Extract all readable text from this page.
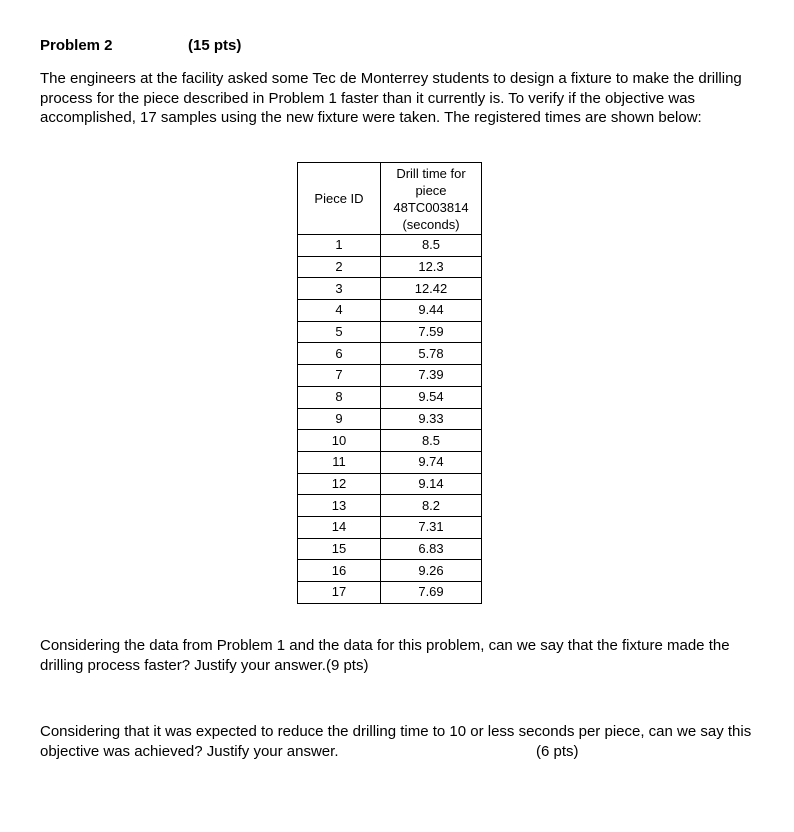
Problem 2	(15 pts)
The engineers at the facility asked some Tec de Monterrey students to design a fixture to make the drilling process for the piece described in Problem 1 faster than it currently is. To verify if the objective was accomplished, 17 samples using the new fixture were taken. The registered times are shown below:
Piece ID	Drill time for
piece
48TC003814
(seconds)

1	8.5
2	12.3
3	12.42
4	9.44
5	7.59
6	5.78
7	7.39
8	9.54
9	9.33
10	8.5
11	9.74
12	9.14
13	8.2
14	7.31
15	6.83
16	9.26
17	7.69
Considering the data from Problem 1 and the data for this problem, can we say that the fixture made the drilling process faster? Justify your answer.(9 pts)
Considering that it was expected to reduce the drilling time to 10 or less seconds per piece, can we say this objective was achieved? Justify your answer.	(6 pts)
